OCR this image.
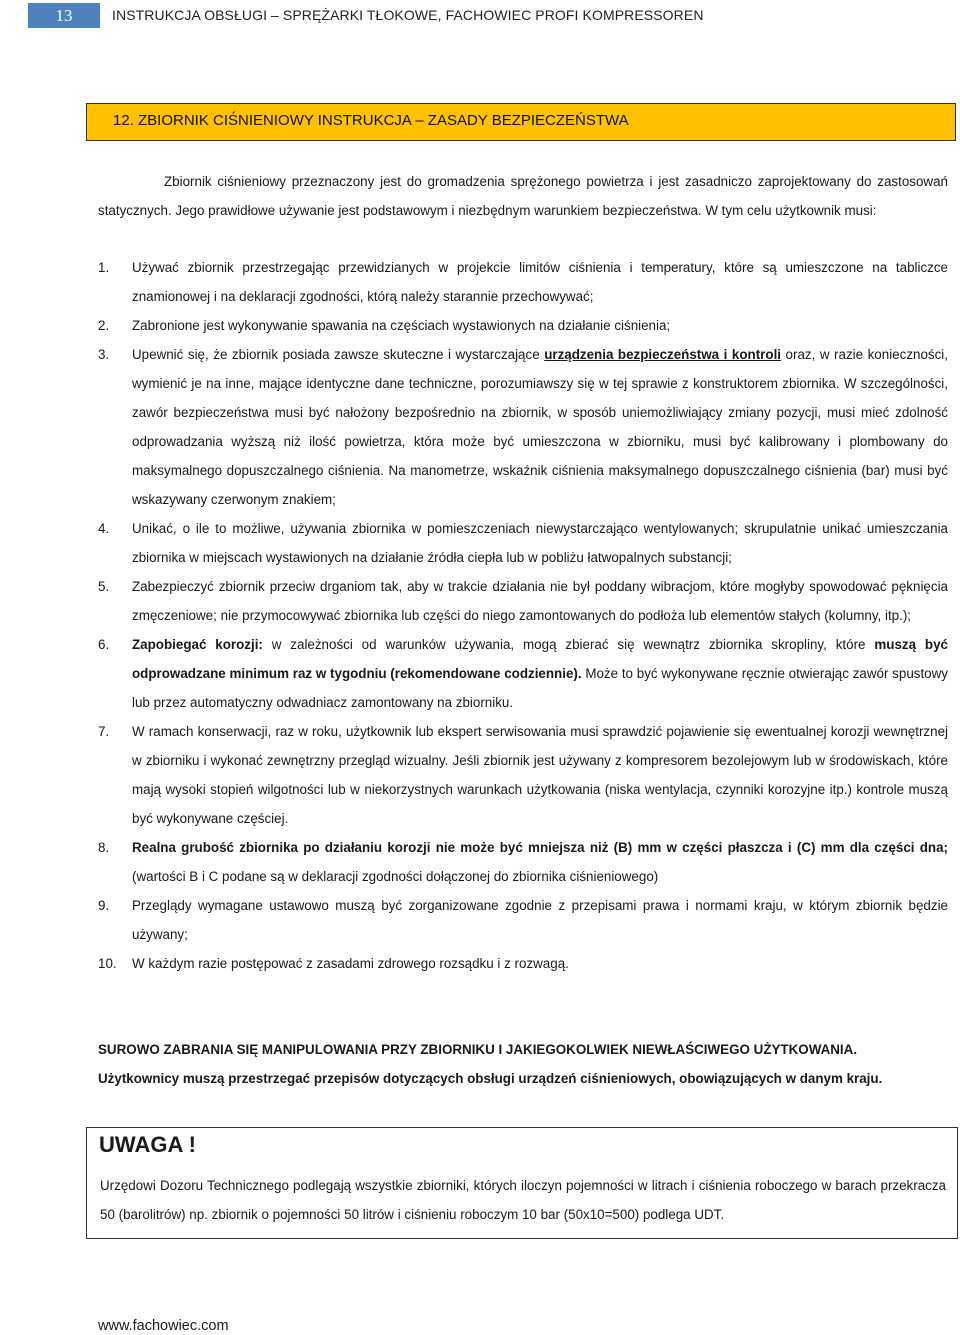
13	INSTRUKCJA OBSŁUGI – SPRĘŻARKI TŁOKOWE, FACHOWIEC PROFI KOMPRESSOREN
12. ZBIORNIK CIŚNIENIOWY INSTRUKCJA – ZASADY BEZPIECZEŃSTWA

Zbiornik ciśnieniowy przeznaczony jest do gromadzenia sprężonego powietrza i jest zasadniczo zaprojektowany do zastosowań statycznych. Jego prawidłowe używanie jest podstawowym i niezbędnym warunkiem bezpieczeństwa. W tym celu użytkownik musi:

1. Używać zbiornik przestrzegając przewidzianych w projekcie limitów ciśnienia i temperatury, które są umieszczone na tabliczce znamionowej i na deklaracji zgodności, którą należy starannie przechowywać;
2. Zabronione jest wykonywanie spawania na częściach wystawionych na działanie ciśnienia;
3. Upewnić się, że zbiornik posiada zawsze skuteczne i wystarczające urządzenia bezpieczeństwa i kontroli oraz, w razie konieczności, wymienić je na inne, mające identyczne dane techniczne, porozumiawszy się w tej sprawie z konstruktorem zbiornika. W szczególności, zawór bezpieczeństwa musi być nałożony bezpośrednio na zbiornik, w sposób uniemożliwiający zmiany pozycji, musi mieć zdolność odprowadzania wyższą niż ilość powietrza, która może być umieszczona w zbiorniku, musi być kalibrowany i plombowany do maksymalnego dopuszczalnego ciśnienia. Na manometrze, wskaźnik ciśnienia maksymalnego dopuszczalnego ciśnienia (bar) musi być wskazywany czerwonym znakiem;
4. Unikać, o ile to możliwe, używania zbiornika w pomieszczeniach niewystarczająco wentylowanych; skrupulatnie unikać umieszczania zbiornika w miejscach wystawionych na działanie źródła ciepła lub w pobliżu łatwopalnych substancji;
5. Zabezpieczyć zbiornik przeciw drganiom tak, aby w trakcie działania nie był poddany wibracjom, które mogłyby spowodować pęknięcia zmęczeniowe; nie przymocowywać zbiornika lub części do niego zamontowanych do podłoża lub elementów stałych (kolumny, itp.);
6. Zapobiegać korozji: w zależności od warunków używania, mogą zbierać się wewnątrz zbiornika skropliny, które muszą być odprowadzane minimum raz w tygodniu (rekomendowane codziennie). Może to być wykonywane ręcznie otwierając zawór spustowy lub przez automatyczny odwadniacz zamontowany na zbiorniku.
7. W ramach konserwacji, raz w roku, użytkownik lub ekspert serwisowania musi sprawdzić pojawienie się ewentualnej korozji wewnętrznej w zbiorniku i wykonać zewnętrzny przegląd wizualny. Jeśli zbiornik jest używany z kompresorem bezolejowym lub w środowiskach, które mają wysoki stopień wilgotności lub w niekorzystnych warunkach użytkowania (niska wentylacja, czynniki korozyjne itp.) kontrole muszą być wykonywane częściej.
8. Realna grubość zbiornika po działaniu korozji nie może być mniejsza niż (B) mm w części płaszcza i (C) mm dla części dna; (wartości B i C podane są w deklaracji zgodności dołączonej do zbiornika ciśnieniowego)
9. Przeglądy wymagane ustawowo muszą być zorganizowane zgodnie z przepisami prawa i normami kraju, w którym zbiornik będzie używany;
10. W każdym razie postępować z zasadami zdrowego rozsądku i z rozwagą.

SUROWO ZABRANIA SIĘ MANIPULOWANIA PRZY ZBIORNIKU I JAKIEGOKOLWIEK NIEWŁAŚCIWEGO UŻYTKOWANIA.

Użytkownicy muszą przestrzegać przepisów dotyczących obsługi urządzeń ciśnieniowych, obowiązujących w danym kraju.

UWAGA !

Urzędowi Dozoru Technicznego podlegają wszystkie zbiorniki, których iloczyn pojemności w litrach i ciśnienia roboczego w barach przekracza 50 (barolitrów) np. zbiornik o pojemności 50 litrów i ciśnieniu roboczym 10 bar (50x10=500) podlega UDT.

www.fachowiec.com
